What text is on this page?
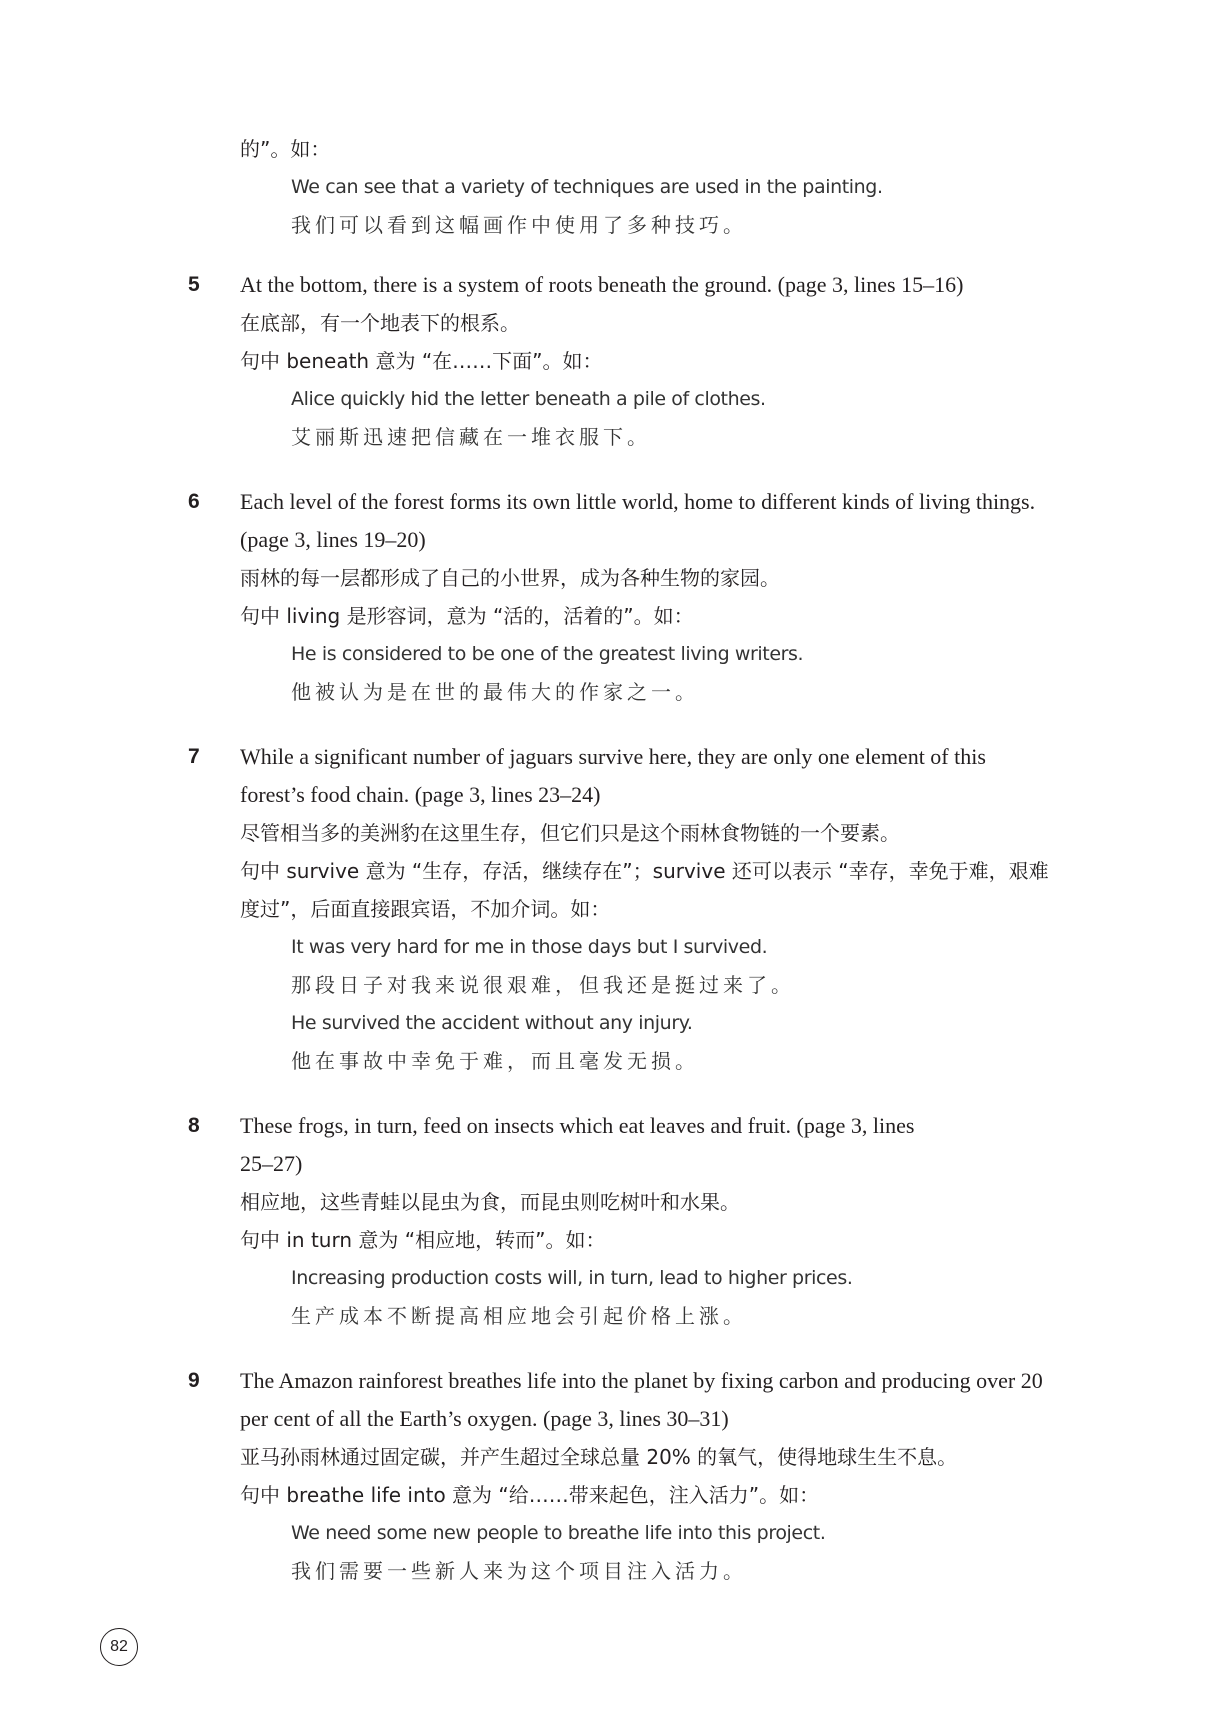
的”。如：
We can see that a variety of techniques are used in the painting.
我们可以看到这幅画作中使用了多种技巧。
5 At the bottom, there is a system of roots beneath the ground. (page 3, lines 15–16)
在底部，有一个地表下的根系。
句中 beneath 意为 “在……下面”。如：
Alice quickly hid the letter beneath a pile of clothes.
艾丽斯迅速把信藏在一堆衣服下。
6 Each level of the forest forms its own little world, home to different kinds of living things. (page 3, lines 19–20)
雨林的每一层都形成了自己的小世界，成为各种生物的家园。
句中 living 是形容词，意为 “活的，活着的”。如：
He is considered to be one of the greatest living writers.
他被认为是在世的最伟大的作家之一。
7 While a significant number of jaguars survive here, they are only one element of this forest’s food chain. (page 3, lines 23–24)
尽管相当多的美洲豹在这里生存，但它们只是这个雨林食物链的一个要素。
句中 survive 意为 “生存，存活，继续存在”；survive 还可以表示 “幸存，幸免于难，艰难度过”，后面直接跟宾语，不加介词。如：
It was very hard for me in those days but I survived.
那段日子对我来说很艰难，但我还是挺过来了。
He survived the accident without any injury.
他在事故中幸免于难，而且毫发无损。
8 These frogs, in turn, feed on insects which eat leaves and fruit. (page 3, lines 25–27)
相应地，这些青蛙以昆虫为食，而昆虫则吃树叶和水果。
句中 in turn 意为 “相应地，转而”。如：
Increasing production costs will, in turn, lead to higher prices.
生产成本不断提高相应地会引起价格上涨。
9 The Amazon rainforest breathes life into the planet by fixing carbon and producing over 20 per cent of all the Earth’s oxygen. (page 3, lines 30–31)
亚马孙雨林通过固定碳，并产生超过全球总量 20% 的氧气，使得地球生生不息。
句中 breathe life into 意为 “给……带来起色，注入活力”。如：
We need some new people to breathe life into this project.
我们需要一些新人来为这个项目注入活力。
82
